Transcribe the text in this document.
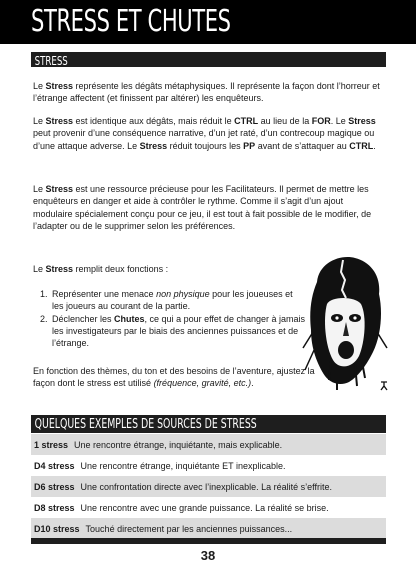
STRESS ET CHUTES
STRESS

Le Stress représente les dégâts métaphysiques. Il représente la façon dont l’horreur et l’étrange affectent (et finissent par altérer) les enquêteurs.

Le Stress est identique aux dégâts, mais réduit le CTRL au lieu de la FOR. Le Stress peut provenir d’une conséquence narrative, d’un jet raté, d’un contrecoup magique ou d’une attaque adverse. Le Stress réduit toujours les PP avant de s’attaquer au CTRL.

Le Stress est une ressource précieuse pour les Facilitateurs. Il permet de mettre les enquêteurs en danger et aide à contrôler le rythme. Comme il s’agit d’un ajout modulaire spécialement conçu pour ce jeu, il est tout à fait possible de le modifier, de l’adapter ou de le supprimer selon les préférences.

Le Stress remplit deux fonctions :

1. Représenter une menace non physique pour les joueuses et les joueurs au courant de la partie.
2. Déclencher les Chutes, ce qui a pour effet de changer à jamais les investigateurs par le biais des anciennes puissances et de l’étrange.

En fonction des thèmes, du ton et des besoins de l’aventure, ajustez la façon dont le stress est utilisé (fréquence, gravité, etc.).

QUELQUES EXEMPLES DE SOURCES DE STRESS
1 stress Une rencontre étrange, inquiétante, mais explicable.
D4 stress Une rencontre étrange, inquiétante ET inexplicable.
D6 stress Une confrontation directe avec l’inexplicable. La réalité s’effrite.
D8 stress Une rencontre avec une grande puissance. La réalité se brise.
D10 stress Touché directement par les anciennes puissances...
38
